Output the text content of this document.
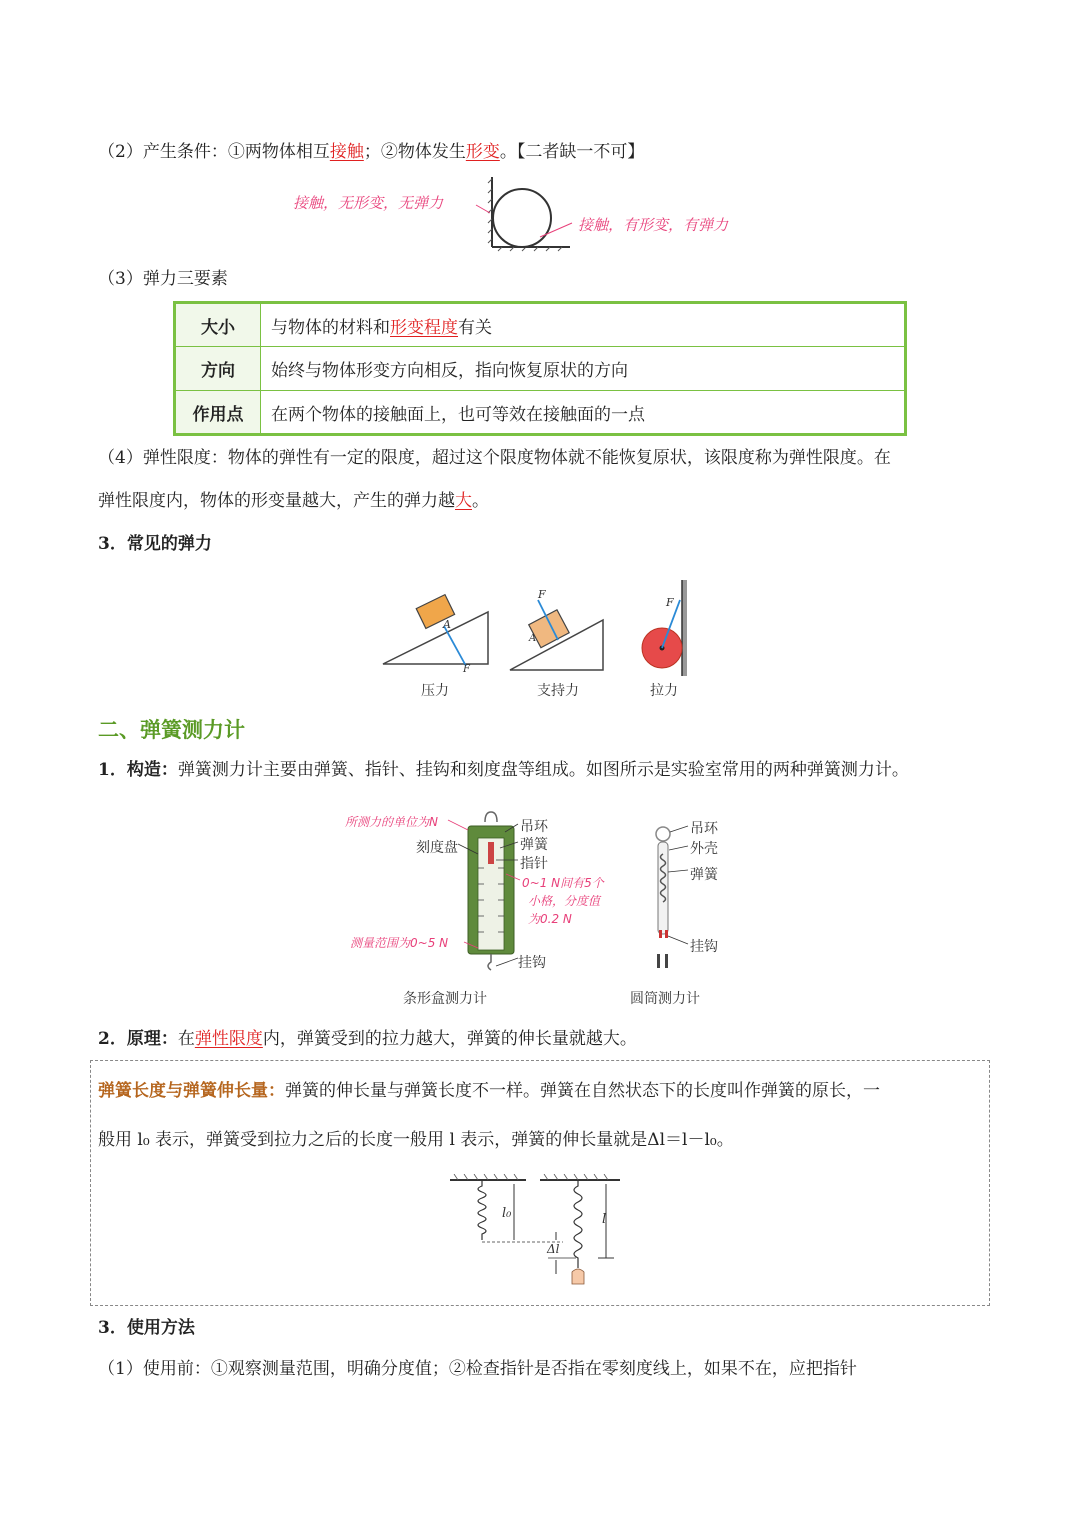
（2）产生条件：①两物体相互接触；②物体发生形变。【二者缺一不可】
接触，无形变，无弹力
接触，有形变，有弹力
（3）弹力三要素
大小	与物体的材料和形变程度有关
方向	始终与物体形变方向相反，指向恢复原状的方向
作用点	在两个物体的接触面上，也可等效在接触面的一点
（4）弹性限度：物体的弹性有一定的限度，超过这个限度物体就不能恢复原状，该限度称为弹性限度。在
弹性限度内，物体的形变量越大，产生的弹力越大。
3．常见的弹力
A
F
F
A
F
压力	支持力	拉力
二、弹簧测力计
1．构造：弹簧测力计主要由弹簧、指针、挂钩和刻度盘等组成。如图所示是实验室常用的两种弹簧测力计。
所测力的单位为N
刻度盘
吊环
弹簧
指针
0~1 N间有5个
小格，分度值
为0.2 N
测量范围为0~5 N
挂钩
条形盒测力计
吊环
外壳
弹簧
挂钩
圆筒测力计
2．原理：在弹性限度内，弹簧受到的拉力越大，弹簧的伸长量就越大。
弹簧长度与弹簧伸长量：弹簧的伸长量与弹簧长度不一样。弹簧在自然状态下的长度叫作弹簧的原长，一
般用 l₀ 表示，弹簧受到拉力之后的长度一般用 l 表示，弹簧的伸长量就是Δl＝l－l₀。
l₀	l
Δl
3．使用方法
（1）使用前：①观察测量范围，明确分度值；②检查指针是否指在零刻度线上，如果不在，应把指针
